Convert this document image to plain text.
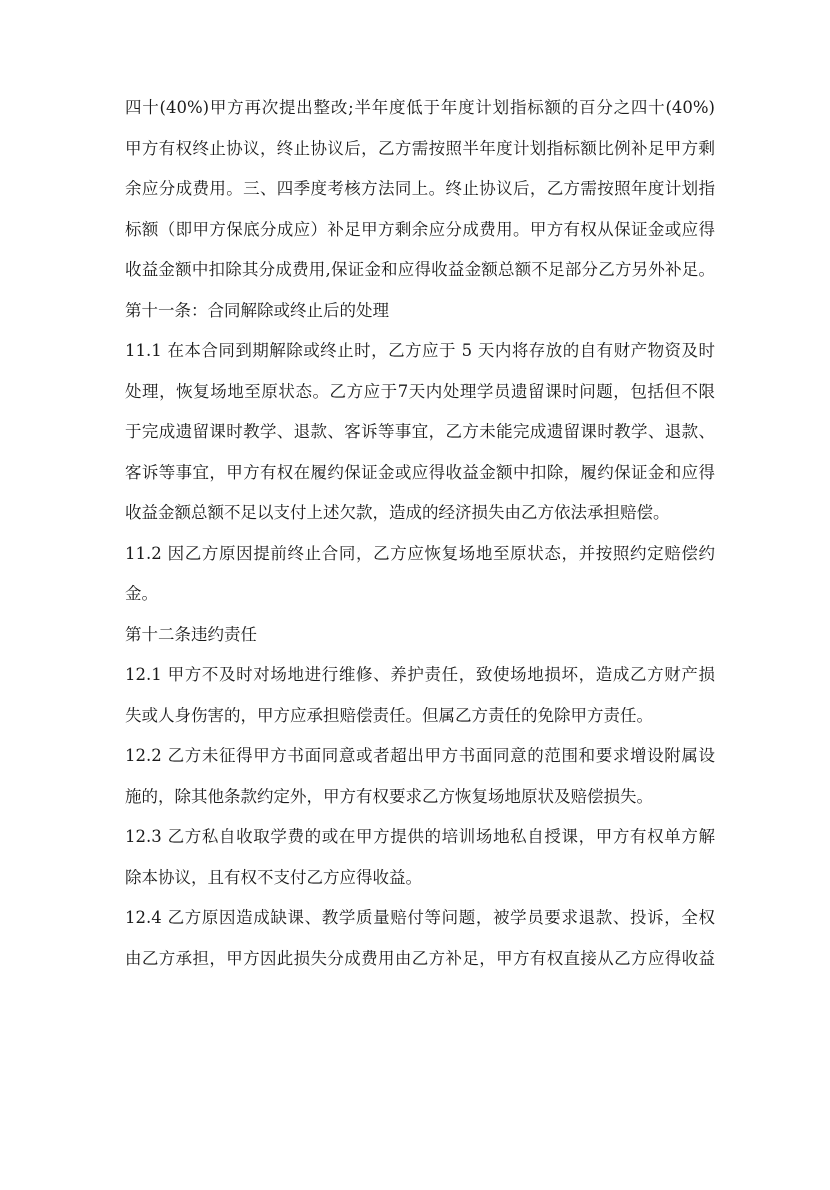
四十(40%)甲方再次提出整改;半年度低于年度计划指标额的百分之四十(40%)
甲方有权终止协议，终止协议后，乙方需按照半年度计划指标额比例补足甲方剩
余应分成费用。三、四季度考核方法同上。终止协议后，乙方需按照年度计划指
标额（即甲方保底分成应）补足甲方剩余应分成费用。甲方有权从保证金或应得
收益金额中扣除其分成费用,保证金和应得收益金额总额不足部分乙方另外补足。
第十一条：合同解除或终止后的处理
11.1 在本合同到期解除或终止时，乙方应于 5 天内将存放的自有财产物资及时
处理，恢复场地至原状态。乙方应于7天内处理学员遗留课时问题，包括但不限
于完成遗留课时教学、退款、客诉等事宜，乙方未能完成遗留课时教学、退款、
客诉等事宜，甲方有权在履约保证金或应得收益金额中扣除，履约保证金和应得
收益金额总额不足以支付上述欠款，造成的经济损失由乙方依法承担赔偿。
11.2 因乙方原因提前终止合同，乙方应恢复场地至原状态，并按照约定赔偿约
金。
第十二条违约责任
12.1 甲方不及时对场地进行维修、养护责任，致使场地损坏，造成乙方财产损
失或人身伤害的，甲方应承担赔偿责任。但属乙方责任的免除甲方责任。
12.2 乙方未征得甲方书面同意或者超出甲方书面同意的范围和要求增设附属设
施的，除其他条款约定外，甲方有权要求乙方恢复场地原状及赔偿损失。
12.3 乙方私自收取学费的或在甲方提供的培训场地私自授课，甲方有权单方解
除本协议，且有权不支付乙方应得收益。
12.4 乙方原因造成缺课、教学质量赔付等问题，被学员要求退款、投诉，全权
由乙方承担，甲方因此损失分成费用由乙方补足，甲方有权直接从乙方应得收益
